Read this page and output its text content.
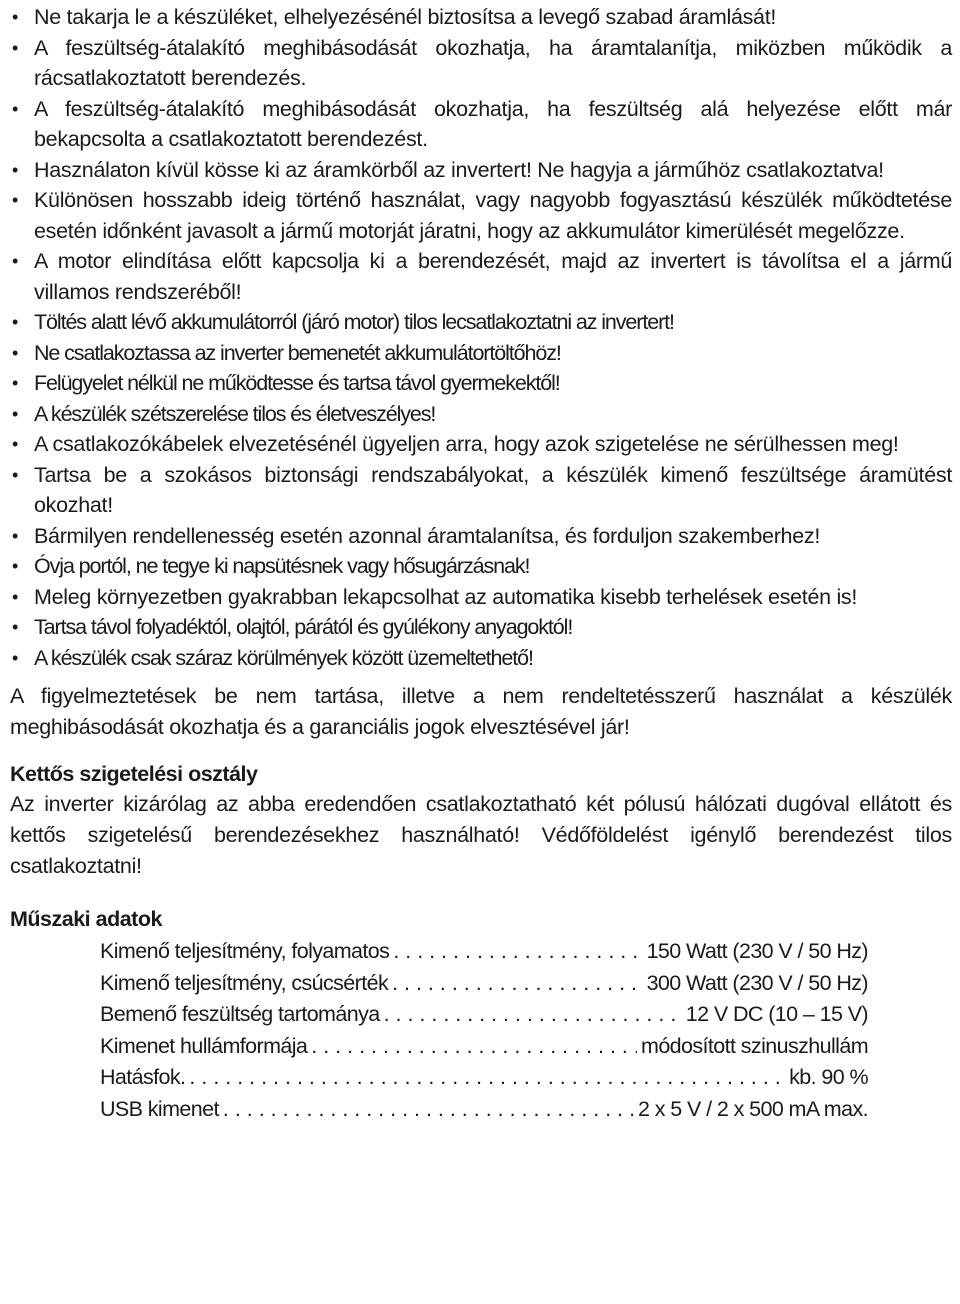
• Ne takarja le a készüléket, elhelyezésénél biztosítsa a levegő szabad áramlását!
• A feszültség-átalakító meghibásodását okozhatja, ha áramtalanítja, miközben működik a rácsatlakoztatott berendezés.
• A feszültség-átalakító meghibásodását okozhatja, ha feszültség alá helyezése előtt már bekapcsolta a csatlakoztatott berendezést.
• Használaton kívül kösse ki az áramkörből az invertert! Ne hagyja a járműhöz csatlakoztatva!
• Különösen hosszabb ideig történő használat, vagy nagyobb fogyasztású készülék működtetése esetén időnként javasolt a jármű motorját járatni, hogy az akkumulátor kimerülését megelőzze.
• A motor elindítása előtt kapcsolja ki a berendezését, majd az invertert is távolítsa el a jármű villamos rendszeréből!
• Töltés alatt lévő akkumulátorról (járó motor) tilos lecsatlakoztatni az invertert!
• Ne csatlakoztassa az inverter bemenetét akkumulátortöltőhöz!
• Felügyelet nélkül ne működtesse és tartsa távol gyermekektől!
• A készülék szétszerelése tilos és életveszélyes!
• A csatlakozókábelek elvezetésénél ügyeljen arra, hogy azok szigetelése ne sérülhessen meg!
• Tartsa be a szokásos biztonsági rendszabályokat, a készülék kimenő feszültsége áramütést okozhat!
• Bármilyen rendellenesség esetén azonnal áramtalanítsa, és forduljon szakemberhez!
• Óvja portól, ne tegye ki napsütésnek vagy hősugárzásnak!
• Meleg környezetben gyakrabban lekapcsolhat az automatika kisebb terhelések esetén is!
• Tartsa távol folyadéktól, olajtól, párától és gyúlékony anyagoktól!
• A készülék csak száraz körülmények között üzemeltethető!

A figyelmeztetések be nem tartása, illetve a nem rendeltetésszerű használat a készülék meghibásodását okozhatja és a garanciális jogok elvesztésével jár!

Kettős szigetelési osztály

Az inverter kizárólag az abba eredendően csatlakoztatható két pólusú hálózati dugóval ellátott és kettős szigetelésű berendezésekhez használható! Védőföldelést igénylő berendezést tilos csatlakoztatni!

Műszaki adatok
Kimenő teljesítmény, folyamatos . . .	150 Watt (230 V / 50 Hz)
Kimenő teljesítmény, csúcsérték . . .	300 Watt (230 V / 50 Hz)
Bemenő feszültség tartománya . . .	12 V DC (10 – 15 V)
Kimenet hullámformája . . .	módosított szinuszhullám
Hatásfok. . . .	kb. 90 %
USB kimenet . . .	2 x 5 V / 2 x 500 mA max.
